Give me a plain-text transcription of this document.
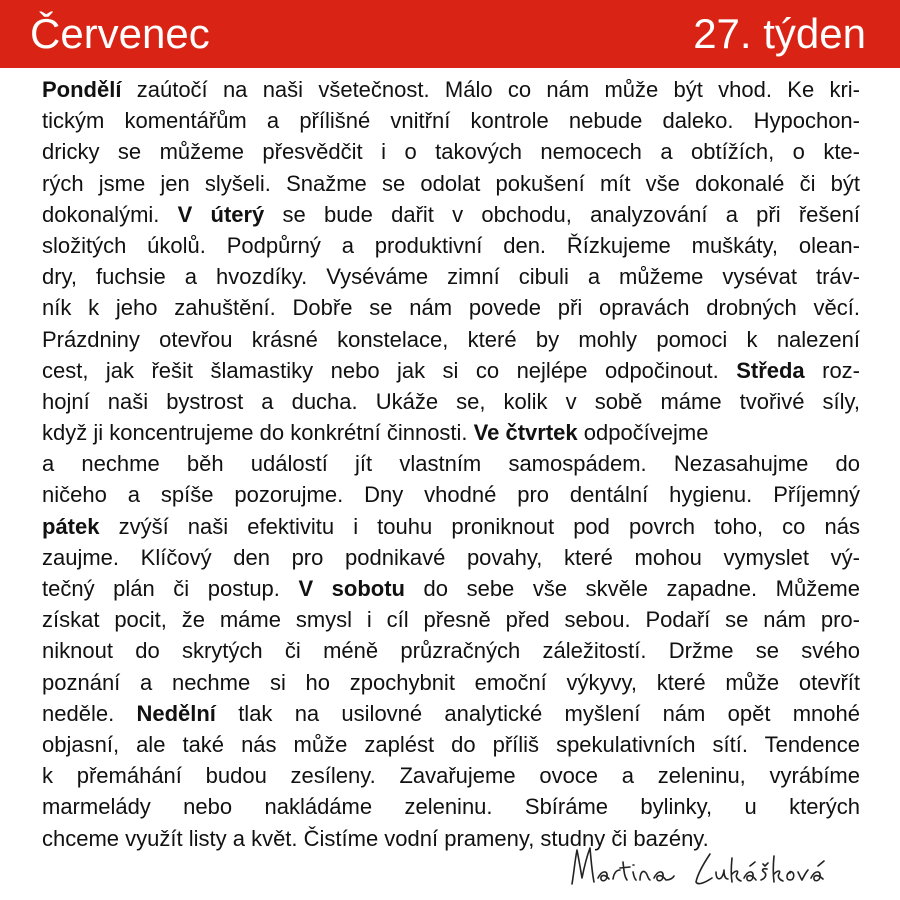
Červenec	27. týden
Pondělí zaútočí na naši všetečnost. Málo co nám může být vhod. Ke kri-
tickým komentářům a přílišné vnitřní kontrole nebude daleko. Hypochon-
dricky se můžeme přesvědčit i o takových nemocech a obtížích, o kte-
rých jsme jen slyšeli. Snažme se odolat pokušení mít vše dokonalé či být
dokonalými. V úterý se bude dařit v obchodu, analyzování a při řešení
složitých úkolů. Podpůrný a produktivní den. Řízkujeme muškáty, olean-
dry, fuchsie a hvozdíky. Vyséváme zimní cibuli a můžeme vysévat tráv-
ník k jeho zahuštění. Dobře se nám povede při opravách drobných věcí.
Prázdniny otevřou krásné konstelace, které by mohly pomoci k nalezení
cest, jak řešit šlamastiky nebo jak si co nejlépe odpočinout. Středa roz-
hojní naši bystrost a ducha. Ukáže se, kolik v sobě máme tvořivé síly,
když ji koncentrujeme do konkrétní činnosti. Ve čtvrtek odpočívejme
a nechme běh událostí jít vlastním samospádem. Nezasahujme do
ničeho a spíše pozorujme. Dny vhodné pro dentální hygienu. Příjemný
pátek zvýší naši efektivitu i touhu proniknout pod povrch toho, co nás
zaujme. Klíčový den pro podnikavé povahy, které mohou vymyslet vý-
tečný plán či postup. V sobotu do sebe vše skvěle zapadne. Můžeme
získat pocit, že máme smysl i cíl přesně před sebou. Podaří se nám pro-
niknout do skrytých či méně průzračných záležitostí. Držme se svého
poznání a nechme si ho zpochybnit emoční výkyvy, které může otevřít
neděle. Nedělní tlak na usilovné analytické myšlení nám opět mnohé
objasní, ale také nás může zaplést do příliš spekulativních sítí. Tendence
k přemáhání budou zesíleny. Zavařujeme ovoce a zeleninu, vyrábíme
marmelády nebo nakládáme zeleninu. Sbíráme bylinky, u kterých
chceme využít listy a květ. Čistíme vodní prameny, studny či bazény.
